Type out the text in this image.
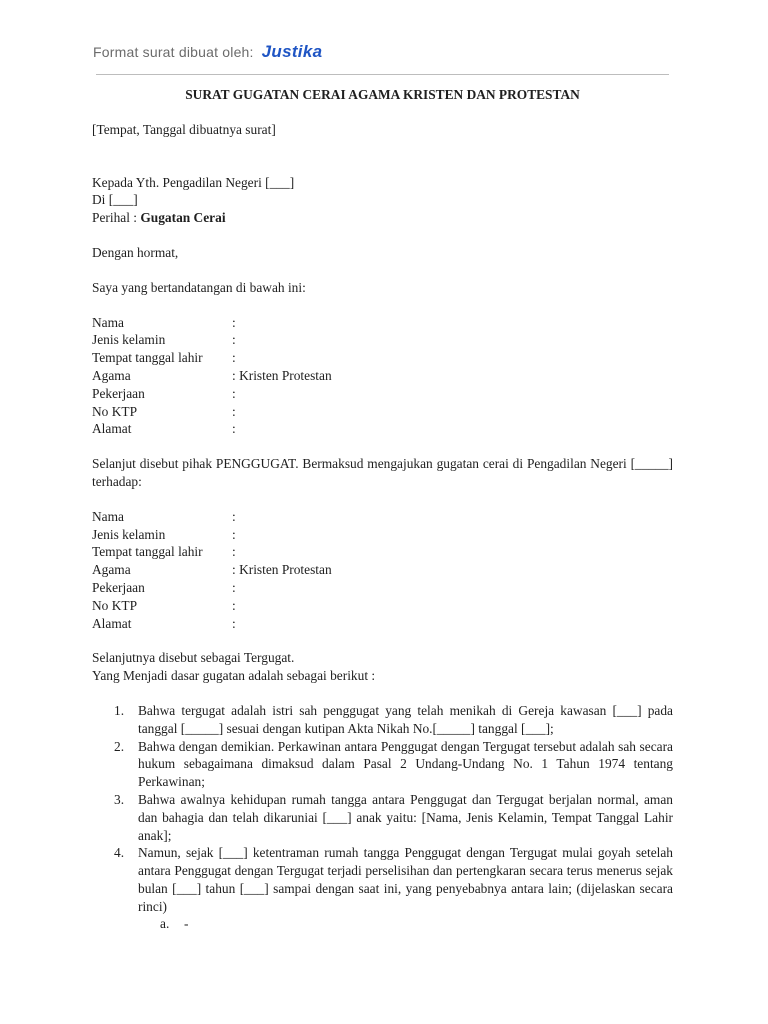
Format surat dibuat oleh: Justika

SURAT GUGATAN CERAI AGAMA KRISTEN DAN PROTESTAN

[Tempat, Tanggal dibuatnya surat]

Kepada Yth. Pengadilan Negeri [___]

Di [___]

Perihal : Gugatan Cerai

Dengan hormat,

Saya yang bertandatangan di bawah ini:

Nama	:
Jenis kelamin	:
Tempat tanggal lahir	:
Agama	: Kristen Protestan
Pekerjaan	:
No KTP	:
Alamat	:

Selanjut disebut pihak PENGGUGAT. Bermaksud mengajukan gugatan cerai di Pengadilan Negeri [_____] terhadap:

Nama	:
Jenis kelamin	:
Tempat tanggal lahir	:
Agama	: Kristen Protestan
Pekerjaan	:
No KTP	:
Alamat	:

Selanjutnya disebut sebagai Tergugat.

Yang Menjadi dasar gugatan adalah sebagai berikut :

1.	Bahwa tergugat adalah istri sah penggugat yang telah menikah di Gereja kawasan [___] pada tanggal [_____] sesuai dengan kutipan Akta Nikah No.[_____] tanggal [___];
2.	Bahwa dengan demikian. Perkawinan antara Penggugat dengan Tergugat tersebut adalah sah secara hukum sebagaimana dimaksud dalam Pasal 2 Undang-Undang No. 1 Tahun 1974 tentang Perkawinan;
3.	Bahwa awalnya kehidupan rumah tangga antara Penggugat dan Tergugat berjalan normal, aman dan bahagia dan telah dikaruniai [___] anak yaitu: [Nama, Jenis Kelamin, Tempat Tanggal Lahir anak];
4.	Namun, sejak [___] ketentraman rumah tangga Penggugat dengan Tergugat mulai goyah setelah antara Penggugat dengan Tergugat terjadi perselisihan dan pertengkaran secara terus menerus sejak bulan [___] tahun [___] sampai dengan saat ini, yang penyebabnya antara lain; (dijelaskan secara rinci)
a.	-
